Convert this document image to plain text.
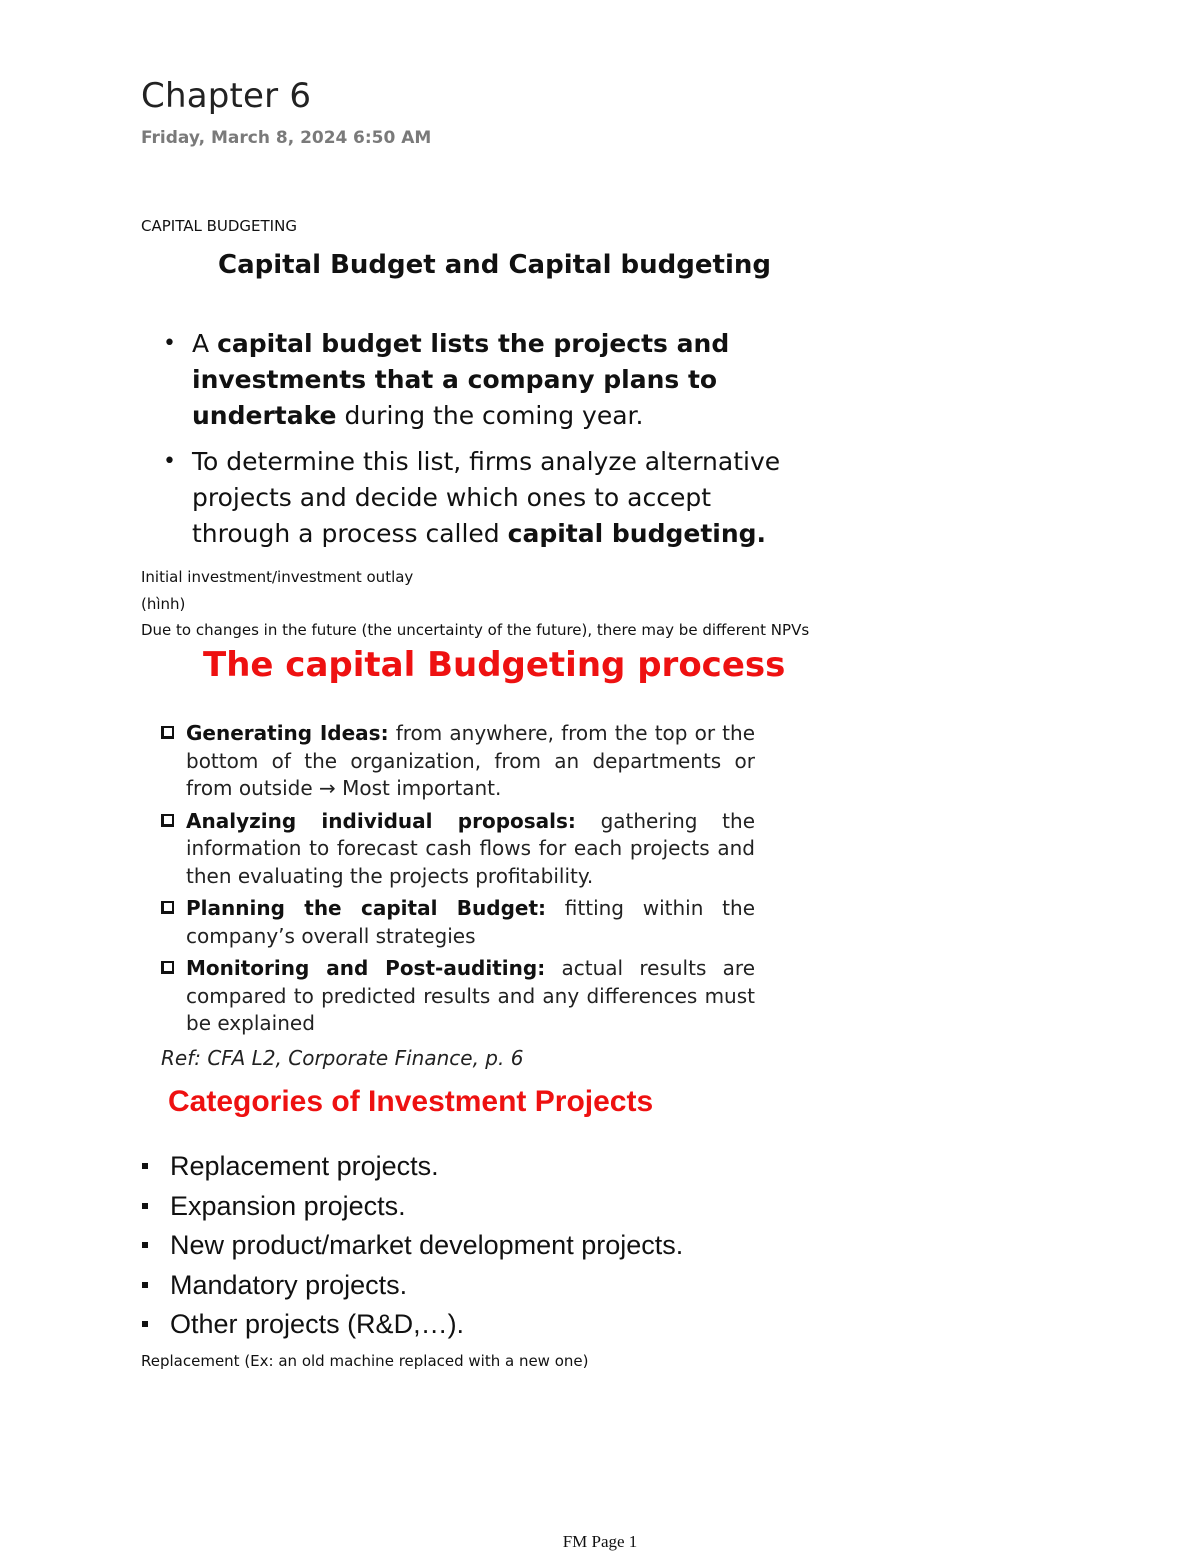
Chapter 6
Friday, March 8, 2024 6:50 AM
CAPITAL BUDGETING
Capital Budget and Capital budgeting
• A capital budget lists the projects and investments that a company plans to undertake during the coming year.
• To determine this list, firms analyze alternative projects and decide which ones to accept through a process called capital budgeting.
Initial investment/investment outlay
(hình)
Due to changes in the future (the uncertainty of the future), there may be different NPVs
The capital Budgeting process
Generating Ideas: from anywhere, from the top or the bottom of the organization, from an departments or from outside → Most important.
Analyzing individual proposals: gathering the information to forecast cash flows for each projects and then evaluating the projects profitability.
Planning the capital Budget: fitting within the company’s overall strategies
Monitoring and Post-auditing: actual results are compared to predicted results and any differences must be explained
Ref: CFA L2, Corporate Finance, p. 6
Categories of Investment Projects
Replacement projects.
Expansion projects.
New product/market development projects.
Mandatory projects.
Other projects (R&D,…).
Replacement (Ex: an old machine replaced with a new one)
FM Page 1
